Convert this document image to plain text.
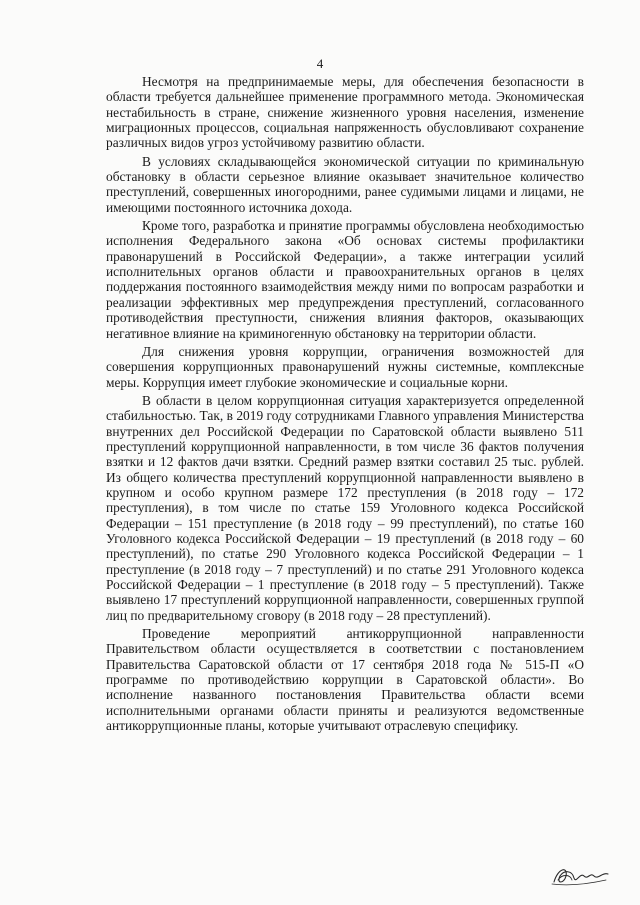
4

Несмотря на предпринимаемые меры, для обеспечения безопасности в области требуется дальнейшее применение программного метода. Экономическая нестабильность в стране, снижение жизненного уровня населения, изменение миграционных процессов, социальная напряженность обусловливают сохранение различных видов угроз устойчивому развитию области.

В условиях складывающейся экономической ситуации по криминальную обстановку в области серьезное влияние оказывает значительное количество преступлений, совершенных иногородними, ранее судимыми лицами и лицами, не имеющими постоянного источника дохода.

Кроме того, разработка и принятие программы обусловлена необходимостью исполнения Федерального закона «Об основах системы профилактики правонарушений в Российской Федерации», а также интеграции усилий исполнительных органов области и правоохранительных органов в целях поддержания постоянного взаимодействия между ними по вопросам разработки и реализации эффективных мер предупреждения преступлений, согласованного противодействия преступности, снижения влияния факторов, оказывающих негативное влияние на криминогенную обстановку на территории области.

Для снижения уровня коррупции, ограничения возможностей для совершения коррупционных правонарушений нужны системные, комплексные меры. Коррупция имеет глубокие экономические и социальные корни.

В области в целом коррупционная ситуация характеризуется определенной стабильностью. Так, в 2019 году сотрудниками Главного управления Министерства внутренних дел Российской Федерации по Саратовской области выявлено 511 преступлений коррупционной направленности, в том числе 36 фактов получения взятки и 12 фактов дачи взятки. Средний размер взятки составил 25 тыс. рублей. Из общего количества преступлений коррупционной направленности выявлено в крупном и особо крупном размере 172 преступления (в 2018 году – 172 преступления), в том числе по статье 159 Уголовного кодекса Российской Федерации – 151 преступление (в 2018 году – 99 преступлений), по статье 160 Уголовного кодекса Российской Федерации – 19 преступлений (в 2018 году – 60 преступлений), по статье 290 Уголовного кодекса Российской Федерации – 1 преступление (в 2018 году – 7 преступлений) и по статье 291 Уголовного кодекса Российской Федерации – 1 преступление (в 2018 году – 5 преступлений). Также выявлено 17 преступлений коррупционной направленности, совершенных группой лиц по предварительному сговору (в 2018 году – 28 преступлений).

Проведение мероприятий антикоррупционной направленности Правительством области осуществляется в соответствии с постановлением Правительства Саратовской области от 17 сентября 2018 года № 515-П «О программе по противодействию коррупции в Саратовской области». Во исполнение названного постановления Правительства области всеми исполнительными органами области приняты и реализуются ведомственные антикоррупционные планы, которые учитывают отраслевую специфику.
